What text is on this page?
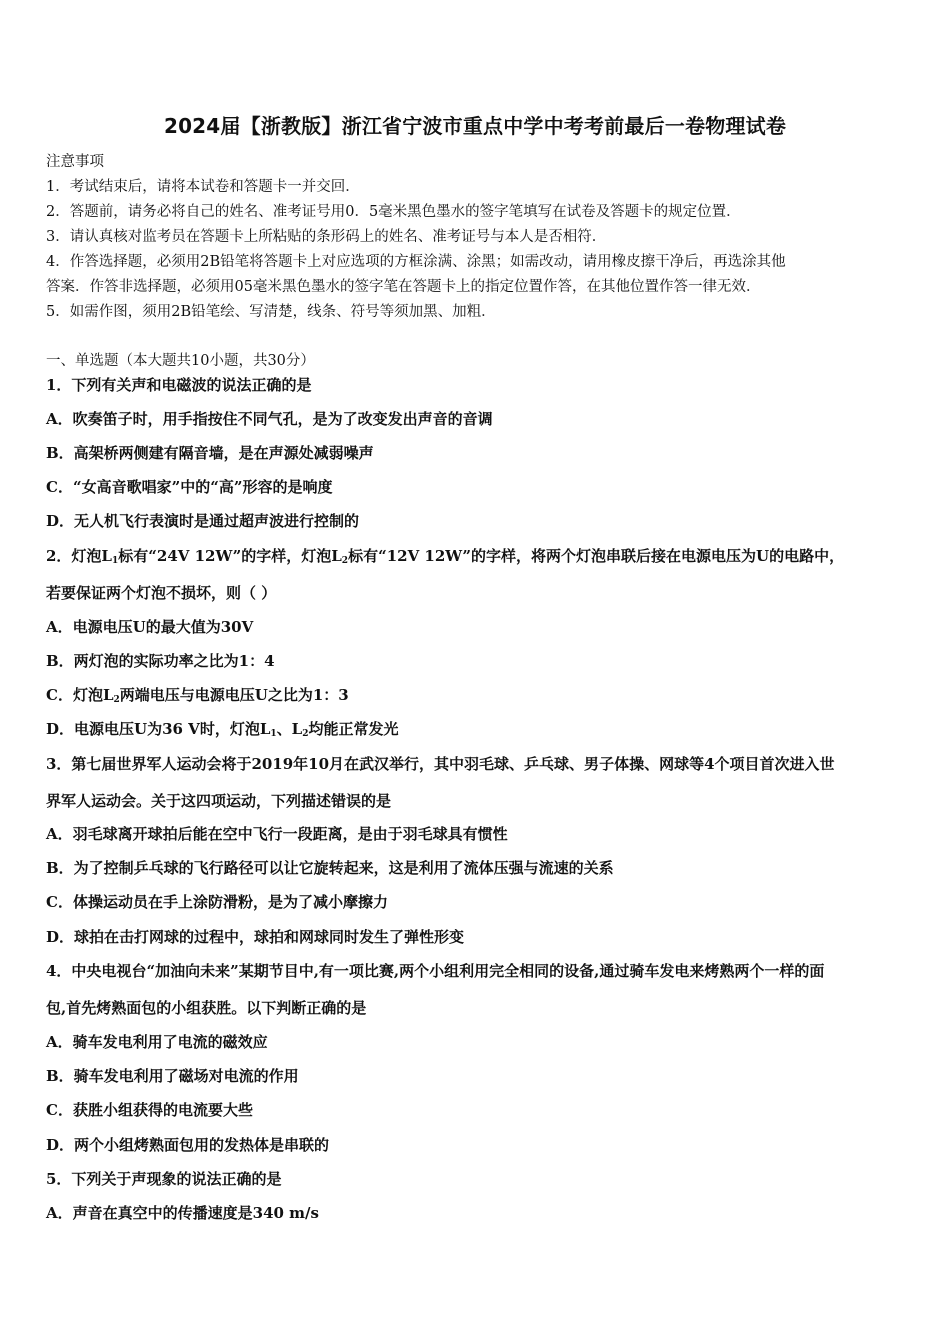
2024届【浙教版】浙江省宁波市重点中学中考考前最后一卷物理试卷
注意事项
1．考试结束后，请将本试卷和答题卡一并交回．
2．答题前，请务必将自己的姓名、准考证号用0．5毫米黑色墨水的签字笔填写在试卷及答题卡的规定位置．
3．请认真核对监考员在答题卡上所粘贴的条形码上的姓名、准考证号与本人是否相符．
4．作答选择题，必须用2B铅笔将答题卡上对应选项的方框涂满、涂黑；如需改动，请用橡皮擦干净后，再选涂其他
答案．作答非选择题，必须用05毫米黑色墨水的签字笔在答题卡上的指定位置作答，在其他位置作答一律无效．
5．如需作图，须用2B铅笔绘、写清楚，线条、符号等须加黑、加粗．
一、单选题（本大题共10小题，共30分）
1．下列有关声和电磁波的说法正确的是
A．吹奏笛子时，用手指按住不同气孔，是为了改变发出声音的音调
B．高架桥两侧建有隔音墙，是在声源处减弱噪声
C．“女高音歌唱家”中的“高”形容的是响度
D．无人机飞行表演时是通过超声波进行控制的
2．灯泡$L_1$标有“24V 12W”的字样，灯泡$L_2$标有“12V 12W”的字样，将两个灯泡串联后接在电源电压为U的电路中，
若要保证两个灯泡不损坏，则（ ）
A．电源电压U的最大值为30V
B．两灯泡的实际功率之比为1：4
C．灯泡$L_2$两端电压与电源电压U之比为1：3
D．电源电压U为36 V时，灯泡$L_1$、$L_2$均能正常发光
3．第七届世界军人运动会将于2019年10月在武汉举行，其中羽毛球、乒乓球、男子体操、网球等4个项目首次进入世
界军人运动会。关于这四项运动，下列描述错误的是
A．羽毛球离开球拍后能在空中飞行一段距离，是由于羽毛球具有惯性
B．为了控制乒乓球的飞行路径可以让它旋转起来，这是利用了流体压强与流速的关系
C．体操运动员在手上涂防滑粉，是为了减小摩擦力
D．球拍在击打网球的过程中，球拍和网球同时发生了弹性形变
4．中央电视台“加油向未来”某期节目中,有一项比赛,两个小组利用完全相同的设备,通过骑车发电来烤熟两个一样的面
包,首先烤熟面包的小组获胜。以下判断正确的是
A．骑车发电利用了电流的磁效应
B．骑车发电利用了磁场对电流的作用
C．获胜小组获得的电流要大些
D．两个小组烤熟面包用的发热体是串联的
5．下列关于声现象的说法正确的是
A．声音在真空中的传播速度是340 m/s
